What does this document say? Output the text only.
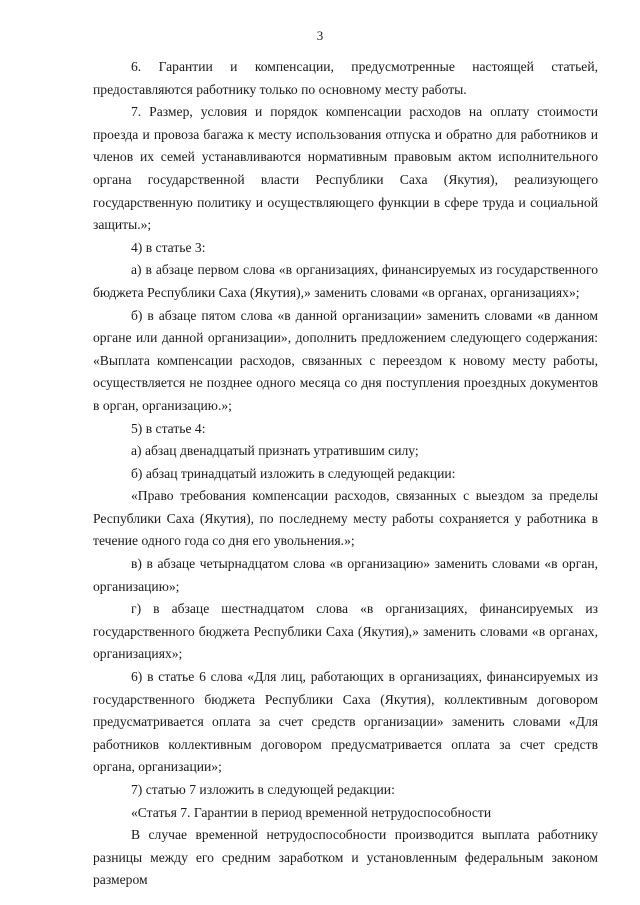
3

6. Гарантии и компенсации, предусмотренные настоящей статьей, предоставляются работнику только по основному месту работы.

7. Размер, условия и порядок компенсации расходов на оплату стоимости проезда и провоза багажа к месту использования отпуска и обратно для работников и членов их семей устанавливаются нормативным правовым актом исполнительного органа государственной власти Республики Саха (Якутия), реализующего государственную политику и осуществляющего функции в сфере труда и социальной защиты.»;

4) в статье 3:

а) в абзаце первом слова «в организациях, финансируемых из государственного бюджета Республики Саха (Якутия),» заменить словами «в органах, организациях»;

б) в абзаце пятом слова «в данной организации» заменить словами «в данном органе или данной организации», дополнить предложением следующего содержания: «Выплата компенсации расходов, связанных с переездом к новому месту работы, осуществляется не позднее одного месяца со дня поступления проездных документов в орган, организацию.»;

5) в статье 4:

а) абзац двенадцатый признать утратившим силу;

б) абзац тринадцатый изложить в следующей редакции:

«Право требования компенсации расходов, связанных с выездом за пределы Республики Саха (Якутия), по последнему месту работы сохраняется у работника в течение одного года со дня его увольнения.»;

в) в абзаце четырнадцатом слова «в организацию» заменить словами «в орган, организацию»;

г) в абзаце шестнадцатом слова «в организациях, финансируемых из государственного бюджета Республики Саха (Якутия),» заменить словами «в органах, организациях»;

6) в статье 6 слова «Для лиц, работающих в организациях, финансируемых из государственного бюджета Республики Саха (Якутия), коллективным договором предусматривается оплата за счет средств организации» заменить словами «Для работников коллективным договором предусматривается оплата за счет средств органа, организации»;

7) статью 7 изложить в следующей редакции:

«Статья 7. Гарантии в период временной нетрудоспособности

В случае временной нетрудоспособности производится выплата работнику разницы между его средним заработком и установленным федеральным законом размером
